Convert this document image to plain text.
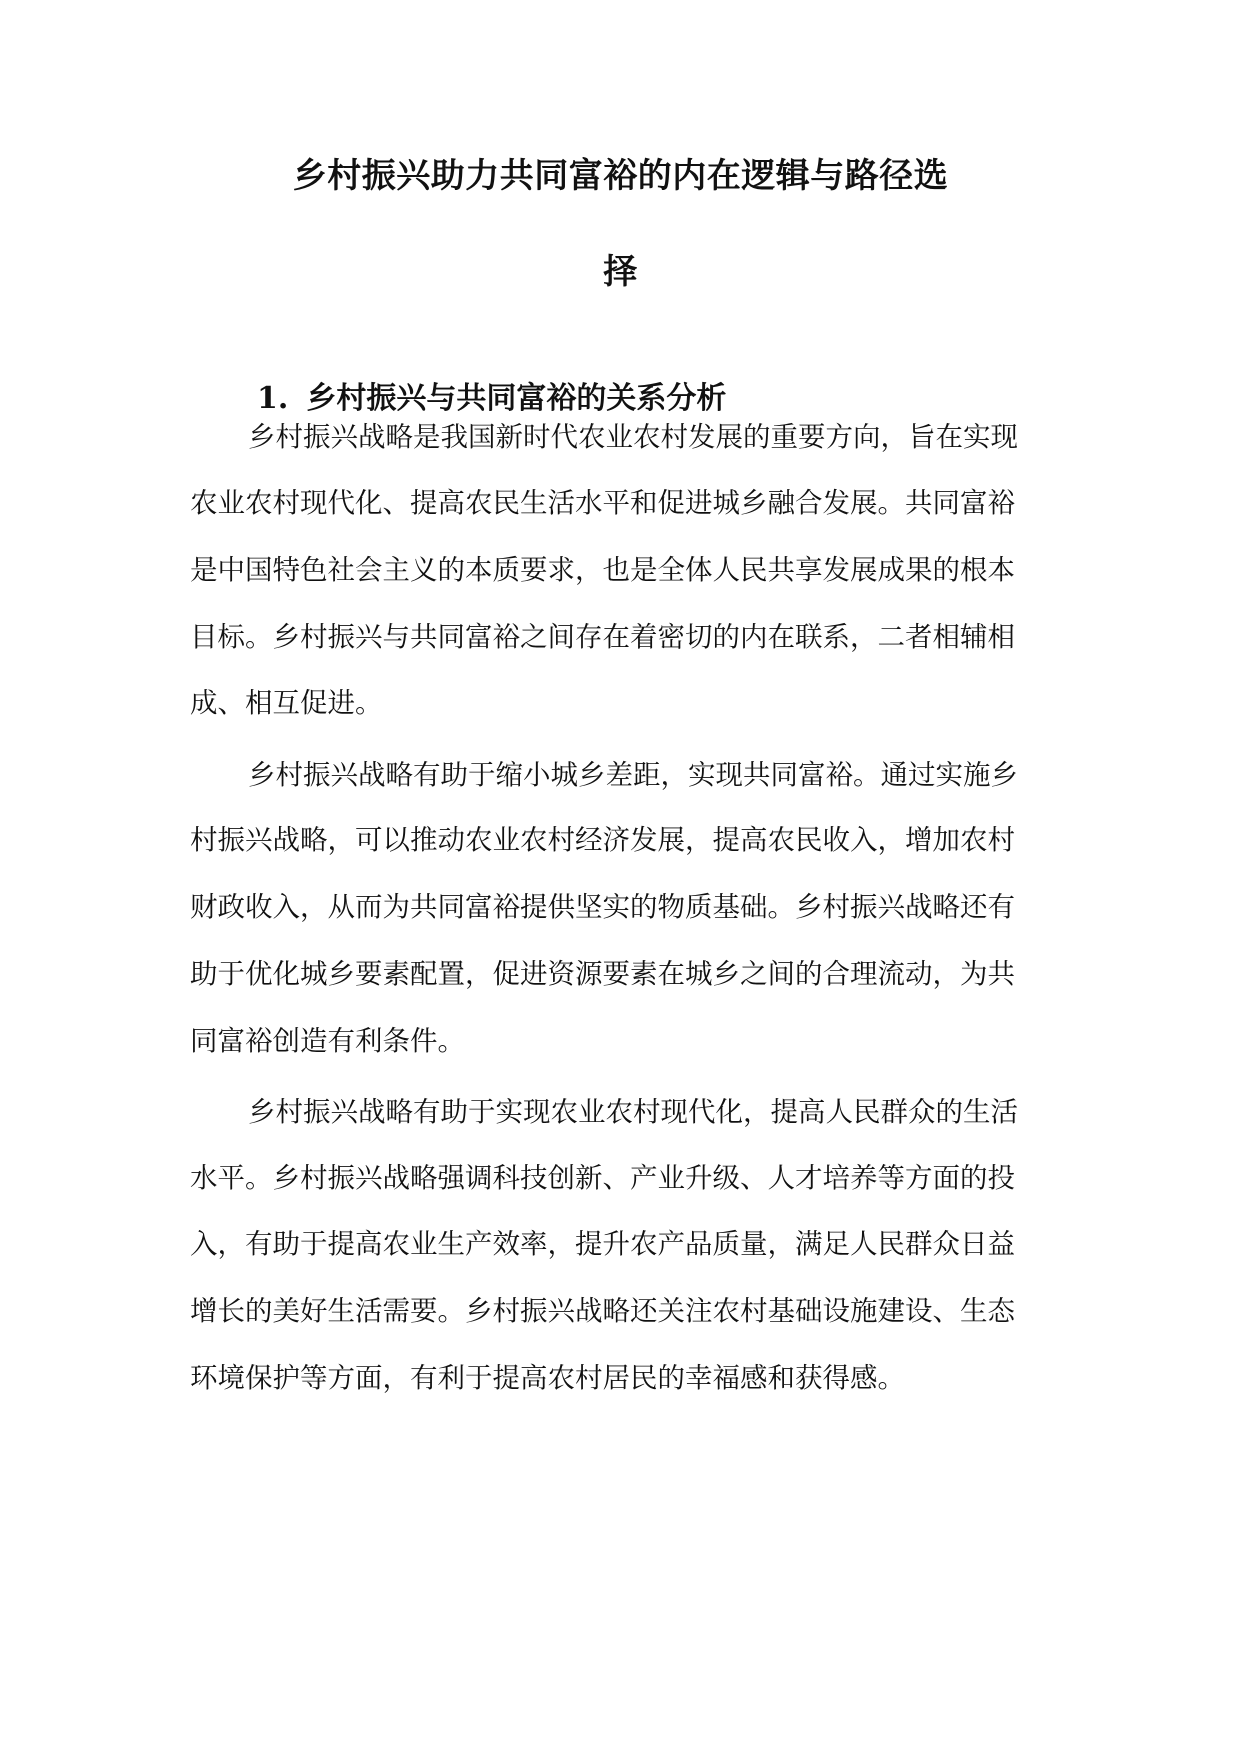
乡村振兴助力共同富裕的内在逻辑与路径选
择
1. 乡村振兴与共同富裕的关系分析
乡村振兴战略是我国新时代农业农村发展的重要方向，旨在实现
农业农村现代化、提高农民生活水平和促进城乡融合发展。共同富裕
是中国特色社会主义的本质要求，也是全体人民共享发展成果的根本
目标。乡村振兴与共同富裕之间存在着密切的内在联系，二者相辅相
成、相互促进。
乡村振兴战略有助于缩小城乡差距，实现共同富裕。通过实施乡
村振兴战略，可以推动农业农村经济发展，提高农民收入，增加农村
财政收入，从而为共同富裕提供坚实的物质基础。乡村振兴战略还有
助于优化城乡要素配置，促进资源要素在城乡之间的合理流动，为共
同富裕创造有利条件。
乡村振兴战略有助于实现农业农村现代化，提高人民群众的生活
水平。乡村振兴战略强调科技创新、产业升级、人才培养等方面的投
入，有助于提高农业生产效率，提升农产品质量，满足人民群众日益
增长的美好生活需要。乡村振兴战略还关注农村基础设施建设、生态
环境保护等方面，有利于提高农村居民的幸福感和获得感。
